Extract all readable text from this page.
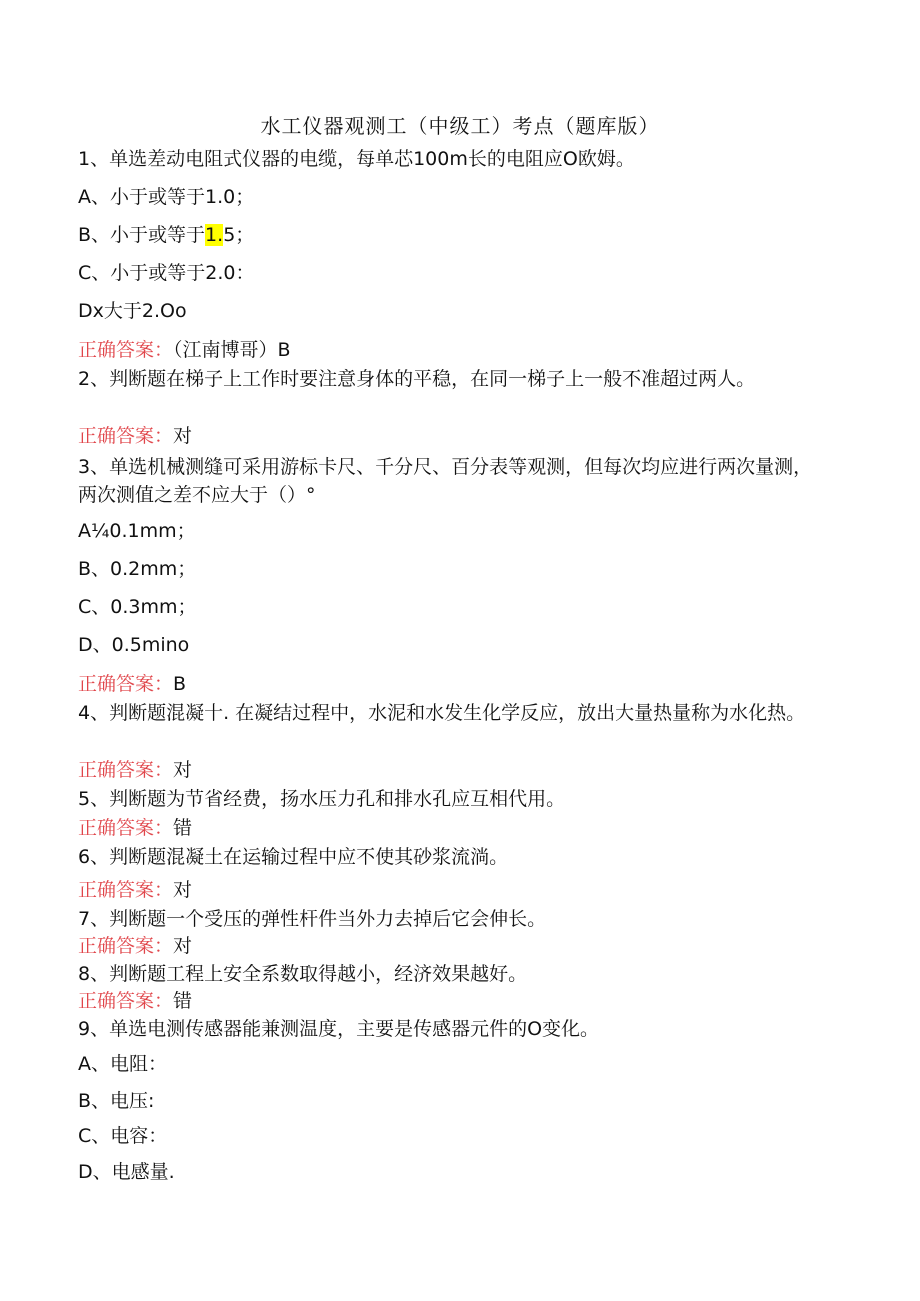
水工仪器观测工（中级工）考点（题库版）
1、单选差动电阻式仪器的电缆，每单芯100m长的电阻应O欧姆。
A、小于或等于1.0；
B、小于或等于1.5；
C、小于或等于2.0：
Dx大于2.Oo
正确答案：（江南博哥）B
2、判断题在梯子上工作时要注意身体的平稳，在同一梯子上一般不准超过两人。
正确答案：对
3、单选机械测缝可采用游标卡尺、千分尺、百分表等观测，但每次均应进行两次量测，两次测值之差不应大于（）°
A¼0.1mm；
B、0.2mm；
C、0.3mm；
D、0.5mino
正确答案：B
4、判断题混凝十. 在凝结过程中，水泥和水发生化学反应，放出大量热量称为水化热。
正确答案：对
5、判断题为节省经费，扬水压力孔和排水孔应互相代用。
正确答案：错
6、判断题混凝土在运输过程中应不使其砂浆流淌。
正确答案：对
7、判断题一个受压的弹性杆件当外力去掉后它会伸长。
正确答案：对
8、判断题工程上安全系数取得越小，经济效果越好。
正确答案：错
9、单选电测传感器能兼测温度，主要是传感器元件的O变化。
A、电阻：
B、电压:
C、电容：
D、电感量.
